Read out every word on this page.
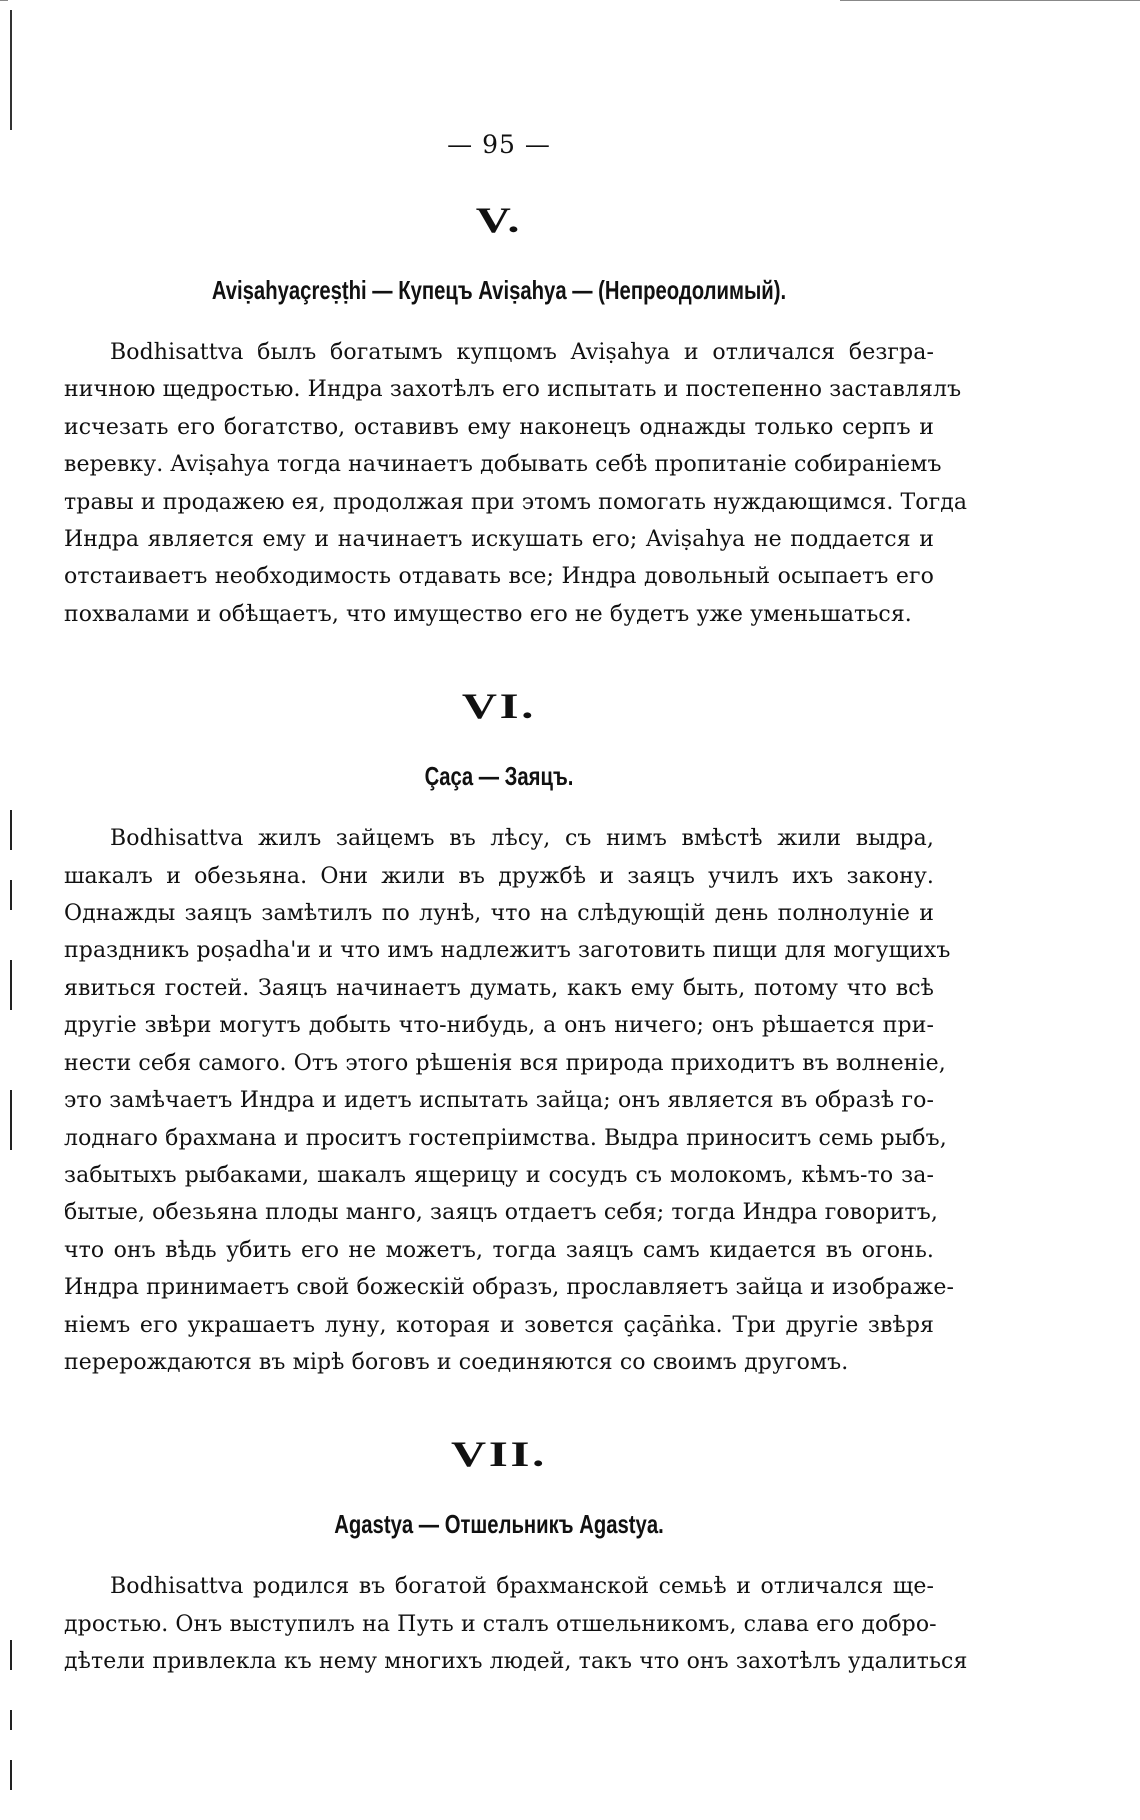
— 95 —
V.
Aviṣahyaçreṣṭhi — Купецъ Aviṣahya — (Непреодолимый).
Bodhisattva былъ богатымъ купцомъ Aviṣahya и отличался безгра-
ничною щедростью. Индра захотѣлъ его испытать и постепенно заставлялъ
исчезать его богатство, оставивъ ему наконецъ однажды только серпъ и
веревку. Aviṣahya тогда начинаетъ добывать себѣ пропитаніе собираніемъ
травы и продажею ея, продолжая при этомъ помогать нуждающимся. Тогда
Индра является ему и начинаетъ искушать его; Aviṣahya не поддается и
отстаиваетъ необходимость отдавать все; Индра довольный осыпаетъ его
похвалами и обѣщаетъ, что имущество его не будетъ уже уменьшаться.
VI.
Çaça — Заяцъ.
Bodhisattva жилъ зайцемъ въ лѣсу, съ нимъ вмѣстѣ жили выдра,
шакалъ и обезьяна. Они жили въ дружбѣ и заяцъ училъ ихъ закону.
Однажды заяцъ замѣтилъ по лунѣ, что на слѣдующій день полнолуніе и
праздникъ poṣadha'и и что имъ надлежитъ заготовить пищи для могущихъ
явиться гостей. Заяцъ начинаетъ думать, какъ ему быть, потому что всѣ
другіе звѣри могутъ добыть что-нибудь, а онъ ничего; онъ рѣшается при-
нести себя самого. Отъ этого рѣшенія вся природа приходитъ въ волненіе,
это замѣчаетъ Индра и идетъ испытать зайца; онъ является въ образѣ го-
лоднаго брахмана и проситъ гостепріимства. Выдра приноситъ семь рыбъ,
забытыхъ рыбаками, шакалъ ящерицу и сосудъ съ молокомъ, кѣмъ-то за-
бытые, обезьяна плоды манго, заяцъ отдаетъ себя; тогда Индра говоритъ,
что онъ вѣдь убить его не можетъ, тогда заяцъ самъ кидается въ огонь.
Индра принимаетъ свой божескій образъ, прославляетъ зайца и изображе-
ніемъ его украшаетъ луну, которая и зовется çaçāṅka. Три другіе звѣря
перерождаются въ мірѣ боговъ и соединяются со своимъ другомъ.
VII.
Agastya — Отшельникъ Agastya.
Bodhisattva родился въ богатой брахманской семьѣ и отличался ще-
дростью. Онъ выступилъ на Путь и сталъ отшельникомъ, слава его добро-
дѣтели привлекла къ нему многихъ людей, такъ что онъ захотѣлъ удалиться
